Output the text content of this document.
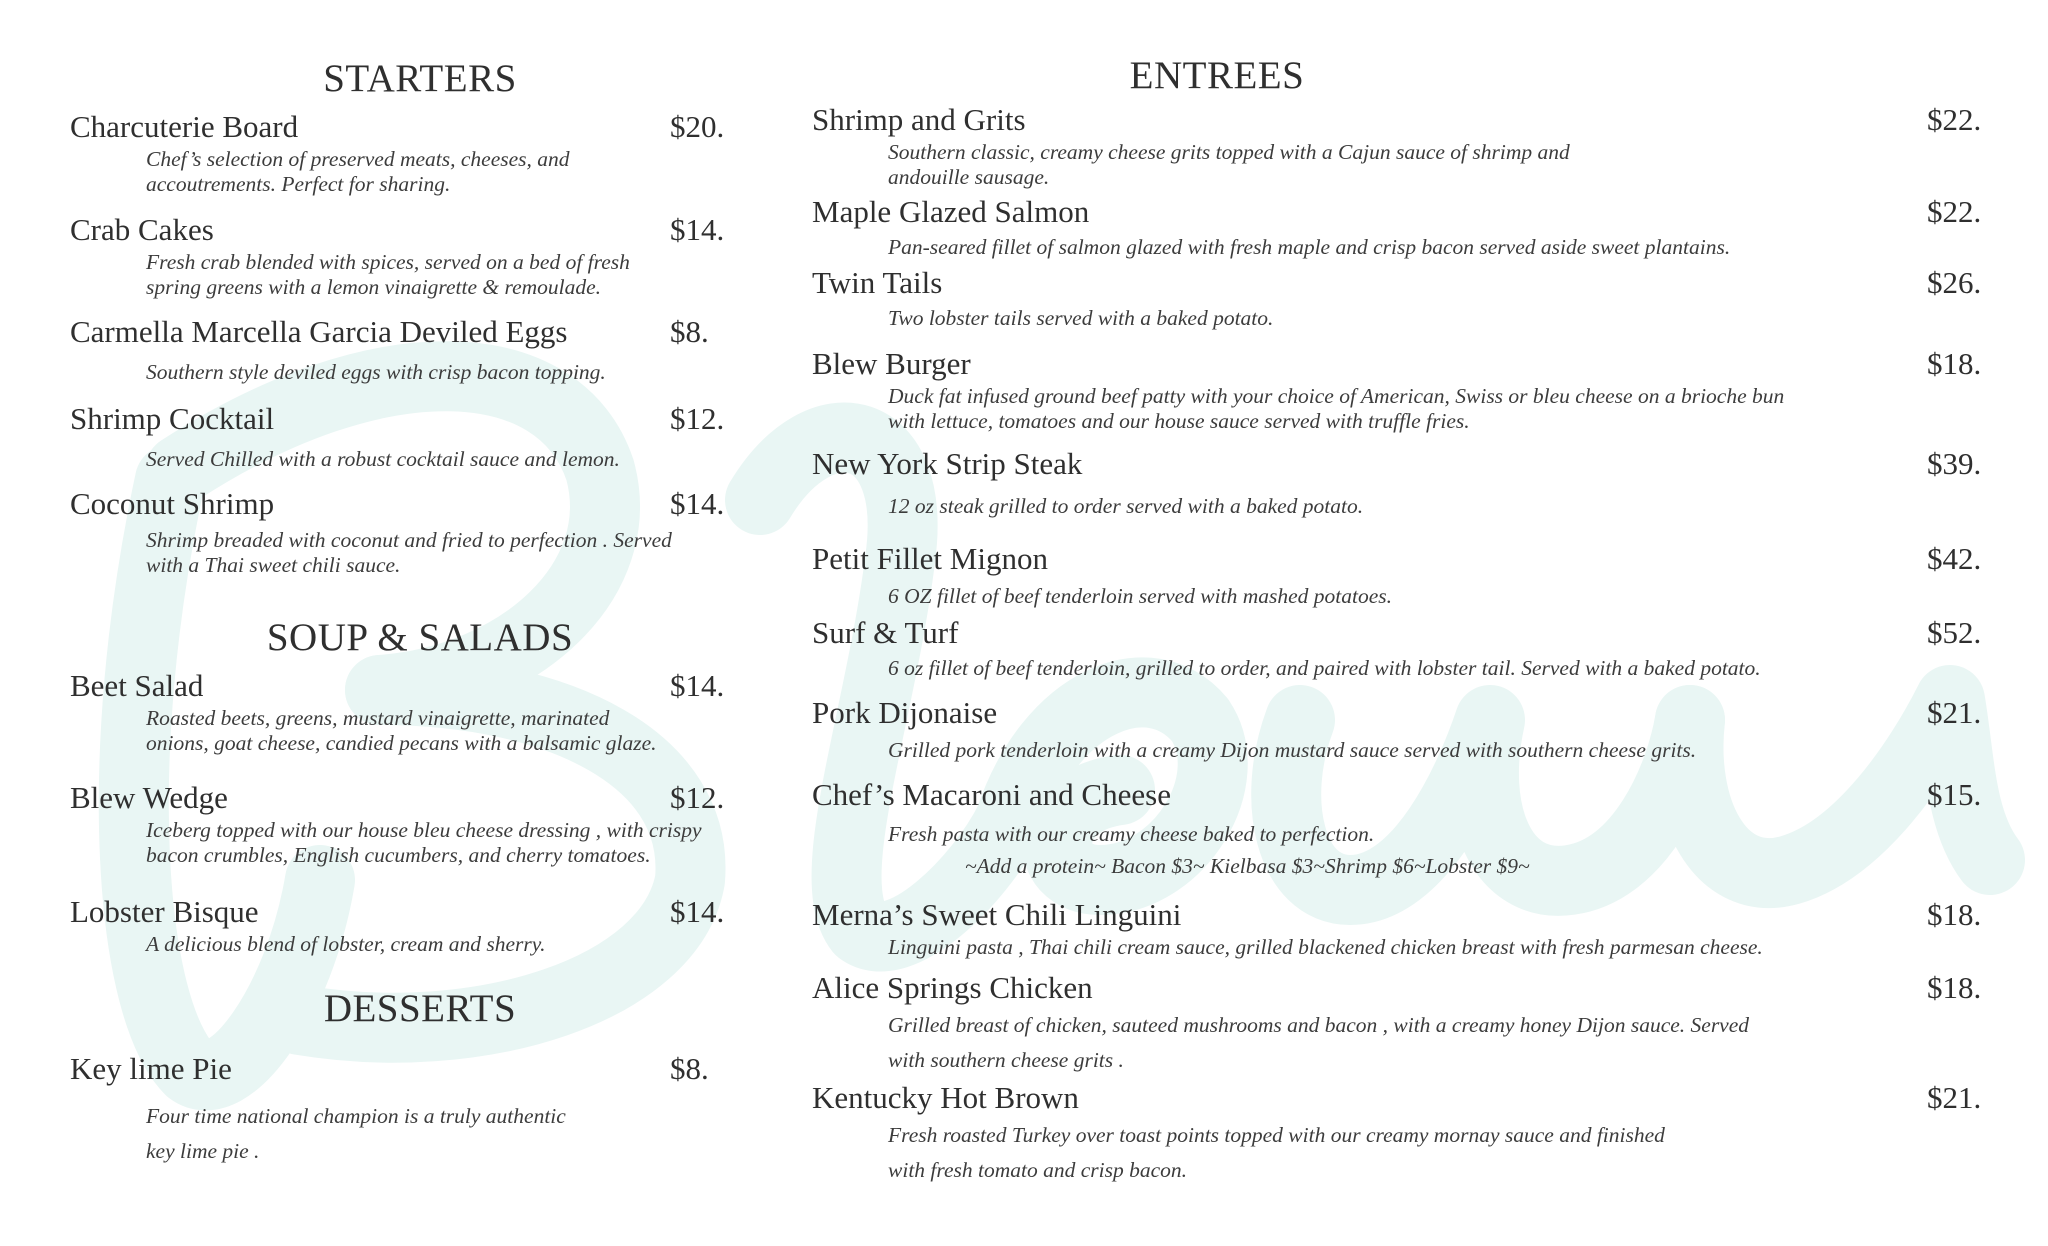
STARTERS
Charcuterie Board	$20.
Chef’s selection of preserved meats, cheeses, and
accoutrements. Perfect for sharing.
Crab Cakes	$14.
Fresh crab blended with spices, served on a bed of fresh
spring greens with a lemon vinaigrette & remoulade.
Carmella Marcella Garcia Deviled Eggs	$8.
Southern style deviled eggs with crisp bacon topping.
Shrimp Cocktail	$12.
Served Chilled with a robust cocktail sauce and lemon.
Coconut Shrimp	$14.
Shrimp breaded with coconut and fried to perfection . Served
with a Thai sweet chili sauce.
SOUP & SALADS
Beet Salad	$14.
Roasted beets, greens, mustard vinaigrette, marinated
onions, goat cheese, candied pecans with a balsamic glaze.
Blew Wedge	$12.
Iceberg topped with our house bleu cheese dressing , with crispy
bacon crumbles, English cucumbers, and cherry tomatoes.
Lobster Bisque	$14.
A delicious blend of lobster, cream and sherry.
DESSERTS
Key lime Pie	$8.
Four time national champion is a truly authentic
key lime pie .
ENTREES
Shrimp and Grits	$22.
Southern classic, creamy cheese grits topped with a Cajun sauce of shrimp and
andouille sausage.
Maple Glazed Salmon	$22.
Pan-seared fillet of salmon glazed with fresh maple and crisp bacon served aside sweet plantains.
Twin Tails	$26.
Two lobster tails served with a baked potato.
Blew Burger	$18.
Duck fat infused ground beef patty with your choice of American, Swiss or bleu cheese on a brioche bun
with lettuce, tomatoes and our house sauce served with truffle fries.
New York Strip Steak	$39.
12 oz steak grilled to order served with a baked potato.
Petit Fillet Mignon	$42.
6 OZ fillet of beef tenderloin served with mashed potatoes.
Surf & Turf	$52.
6 oz fillet of beef tenderloin, grilled to order, and paired with lobster tail. Served with a baked potato.
Pork Dijonaise	$21.
Grilled pork tenderloin with a creamy Dijon mustard sauce served with southern cheese grits.
Chef’s Macaroni and Cheese	$15.
Fresh pasta with our creamy cheese baked to perfection.
~Add a protein~ Bacon $3~ Kielbasa $3~Shrimp $6~Lobster $9~
Merna’s Sweet Chili Linguini	$18.
Linguini pasta , Thai chili cream sauce, grilled blackened chicken breast with fresh parmesan cheese.
Alice Springs Chicken	$18.
Grilled breast of chicken, sauteed mushrooms and bacon , with a creamy honey Dijon sauce. Served
with southern cheese grits .
Kentucky Hot Brown	$21.
Fresh roasted Turkey over toast points topped with our creamy mornay sauce and finished
with fresh tomato and crisp bacon.
